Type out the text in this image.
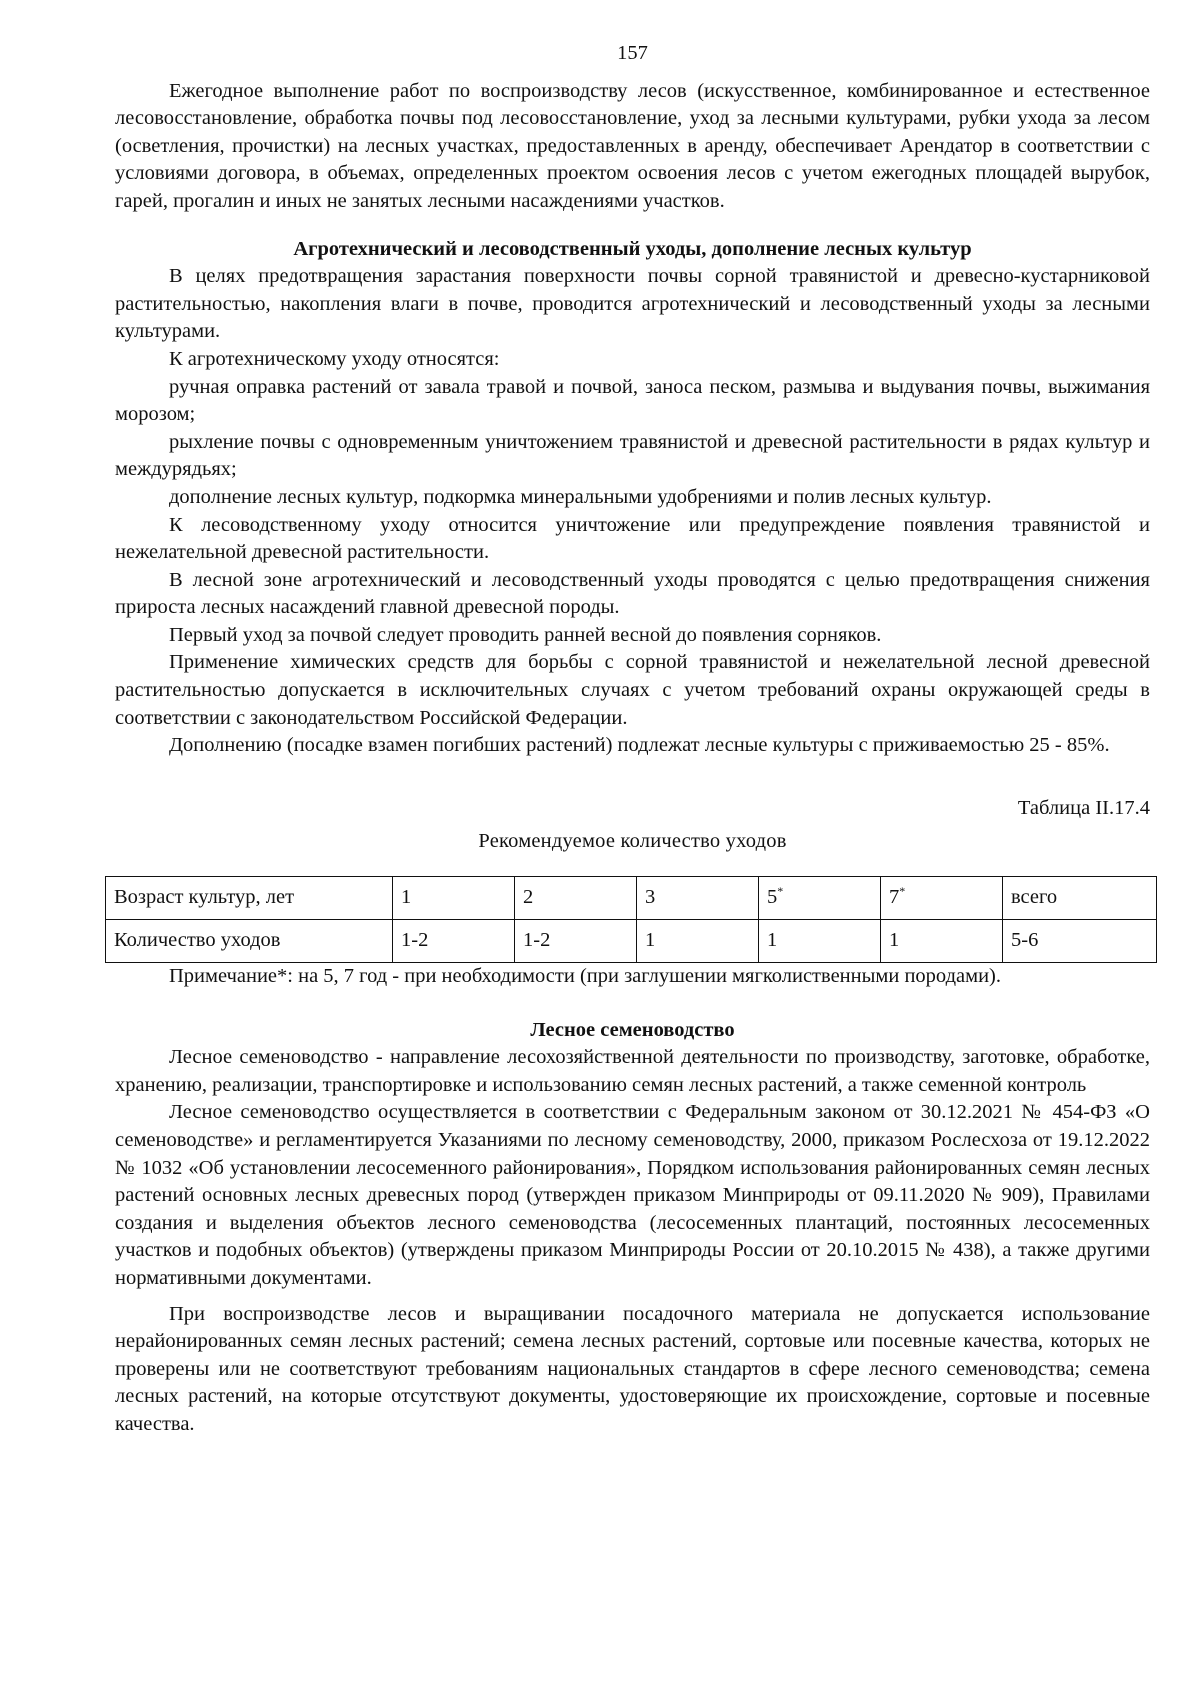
157

Ежегодное выполнение работ по воспроизводству лесов (искусственное, комбинированное и естественное лесовосстановление, обработка почвы под лесовосстановление, уход за лесными культурами, рубки ухода за лесом (осветления, прочистки) на лесных участках, предоставленных в аренду, обеспечивает Арендатор в соответствии с условиями договора, в объемах, определенных проектом освоения лесов с учетом ежегодных площадей вырубок, гарей, прогалин и иных не занятых лесными насаждениями участков.

Агротехнический и лесоводственный уходы, дополнение лесных культур

В целях предотвращения зарастания поверхности почвы сорной травянистой и древесно-кустарниковой растительностью, накопления влаги в почве, проводится агротехнический и лесоводственный уходы за лесными культурами.

К агротехническому уходу относятся:

ручная оправка растений от завала травой и почвой, заноса песком, размыва и выдувания почвы, выжимания морозом;

рыхление почвы с одновременным уничтожением травянистой и древесной растительности в рядах культур и междурядьях;

дополнение лесных культур, подкормка минеральными удобрениями и полив лесных культур.

К лесоводственному уходу относится уничтожение или предупреждение появления травянистой и нежелательной древесной растительности.

В лесной зоне агротехнический и лесоводственный уходы проводятся с целью предотвращения снижения прироста лесных насаждений главной древесной породы.

Первый уход за почвой следует проводить ранней весной до появления сорняков.

Применение химических средств для борьбы с сорной травянистой и нежелательной лесной древесной растительностью допускается в исключительных случаях с учетом требований охраны окружающей среды в соответствии с законодательством Российской Федерации.

Дополнению (посадке взамен погибших растений) подлежат лесные культуры с приживаемостью 25 - 85%.

Таблица II.17.4
Рекомендуемое количество уходов
Возраст культур, лет	1	2	3	5*	7*	всего
Количество уходов	1-2	1-2	1	1	1	5-6

Примечание*: на 5, 7 год - при необходимости (при заглушении мягколиственными породами).

Лесное семеноводство

Лесное семеноводство - направление лесохозяйственной деятельности по производству, заготовке, обработке, хранению, реализации, транспортировке и использованию семян лесных растений, а также семенной контроль

Лесное семеноводство осуществляется в соответствии с Федеральным законом от 30.12.2021 № 454-ФЗ «О семеноводстве» и регламентируется Указаниями по лесному семеноводству, 2000, приказом Рослесхоза от 19.12.2022 № 1032 «Об установлении лесосеменного районирования», Порядком использования районированных семян лесных растений основных лесных древесных пород (утвержден приказом Минприроды от 09.11.2020 № 909), Правилами создания и выделения объектов лесного семеноводства (лесосеменных плантаций, постоянных лесосеменных участков и подобных объектов) (утверждены приказом Минприроды России от 20.10.2015 № 438), а также другими нормативными документами.

При воспроизводстве лесов и выращивании посадочного материала не допускается использование нерайонированных семян лесных растений; семена лесных растений, сортовые или посевные качества, которых не проверены или не соответствуют требованиям национальных стандартов в сфере лесного семеноводства; семена лесных растений, на которые отсутствуют документы, удостоверяющие их происхождение, сортовые и посевные качества.
